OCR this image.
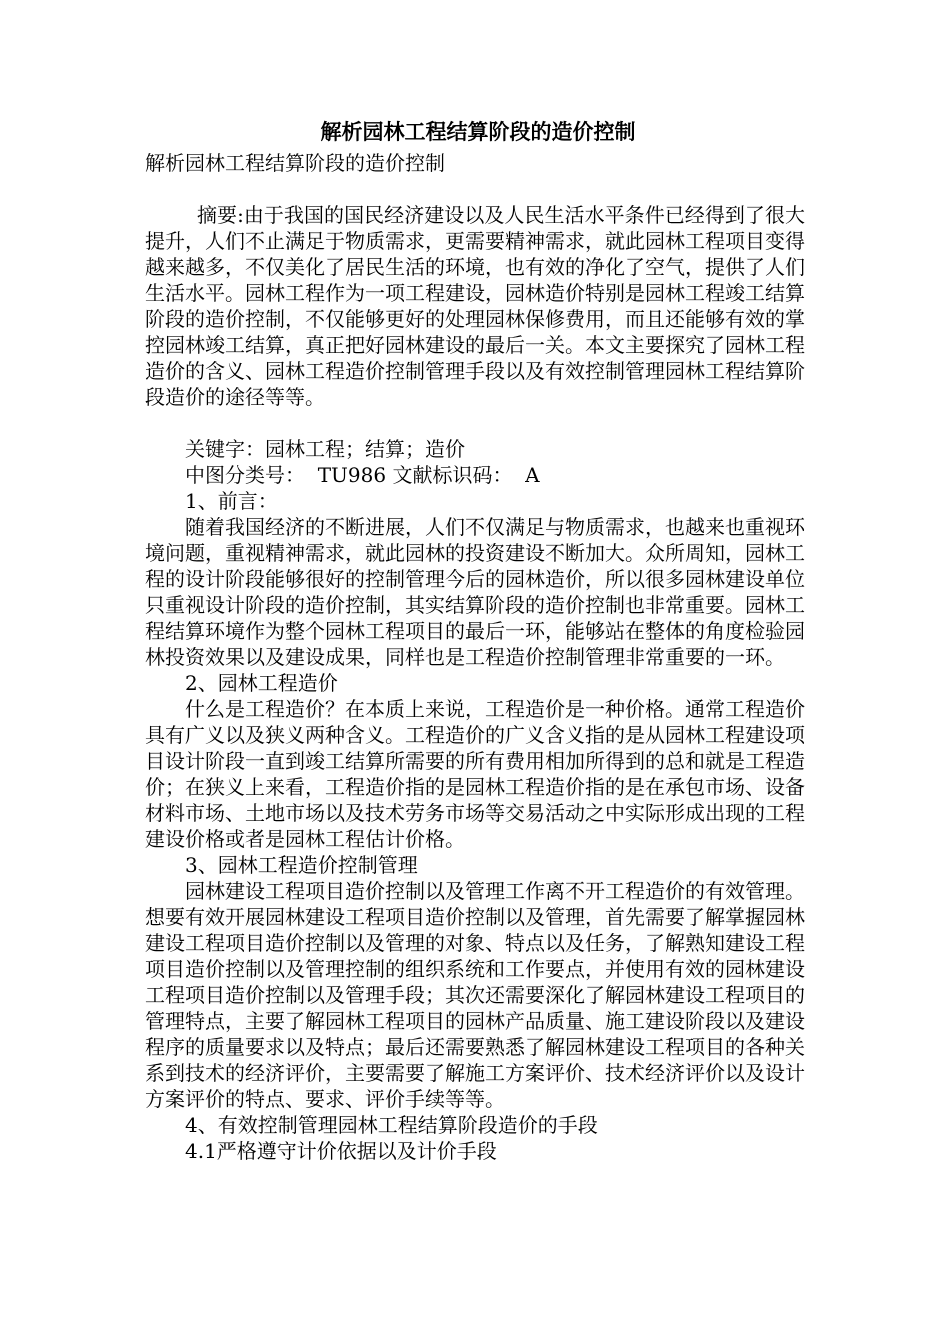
解析园林工程结算阶段的造价控制

解析园林工程结算阶段的造价控制

摘要:由于我国的国民经济建设以及人民生活水平条件已经得到了很大提升，人们不止满足于物质需求，更需要精神需求，就此园林工程项目变得越来越多，不仅美化了居民生活的环境，也有效的净化了空气，提供了人们生活水平。园林工程作为一项工程建设，园林造价特别是园林工程竣工结算阶段的造价控制，不仅能够更好的处理园林保修费用，而且还能够有效的掌控园林竣工结算，真正把好园林建设的最后一关。本文主要探究了园林工程造价的含义、园林工程造价控制管理手段以及有效控制管理园林工程结算阶段造价的途径等等。

关键字：园林工程；结算；造价

中图分类号：  TU986 文献标识码：  A

1、前言：

随着我国经济的不断进展，人们不仅满足与物质需求，也越来也重视环境问题，重视精神需求，就此园林的投资建设不断加大。众所周知，园林工程的设计阶段能够很好的控制管理今后的园林造价，所以很多园林建设单位只重视设计阶段的造价控制，其实结算阶段的造价控制也非常重要。园林工程结算环境作为整个园林工程项目的最后一环，能够站在整体的角度检验园林投资效果以及建设成果，同样也是工程造价控制管理非常重要的一环。

2、园林工程造价

什么是工程造价？在本质上来说，工程造价是一种价格。通常工程造价具有广义以及狭义两种含义。工程造价的广义含义指的是从园林工程建设项目设计阶段一直到竣工结算所需要的所有费用相加所得到的总和就是工程造价；在狭义上来看，工程造价指的是园林工程造价指的是在承包市场、设备材料市场、土地市场以及技术劳务市场等交易活动之中实际形成出现的工程建设价格或者是园林工程估计价格。

3、园林工程造价控制管理

园林建设工程项目造价控制以及管理工作离不开工程造价的有效管理。想要有效开展园林建设工程项目造价控制以及管理，首先需要了解掌握园林建设工程项目造价控制以及管理的对象、特点以及任务，了解熟知建设工程项目造价控制以及管理控制的组织系统和工作要点，并使用有效的园林建设工程项目造价控制以及管理手段；其次还需要深化了解园林建设工程项目的管理特点，主要了解园林工程项目的园林产品质量、施工建设阶段以及建设程序的质量要求以及特点；最后还需要熟悉了解园林建设工程项目的各种关系到技术的经济评价，主要需要了解施工方案评价、技术经济评价以及设计方案评价的特点、要求、评价手续等等。

4、有效控制管理园林工程结算阶段造价的手段

4.1严格遵守计价依据以及计价手段
